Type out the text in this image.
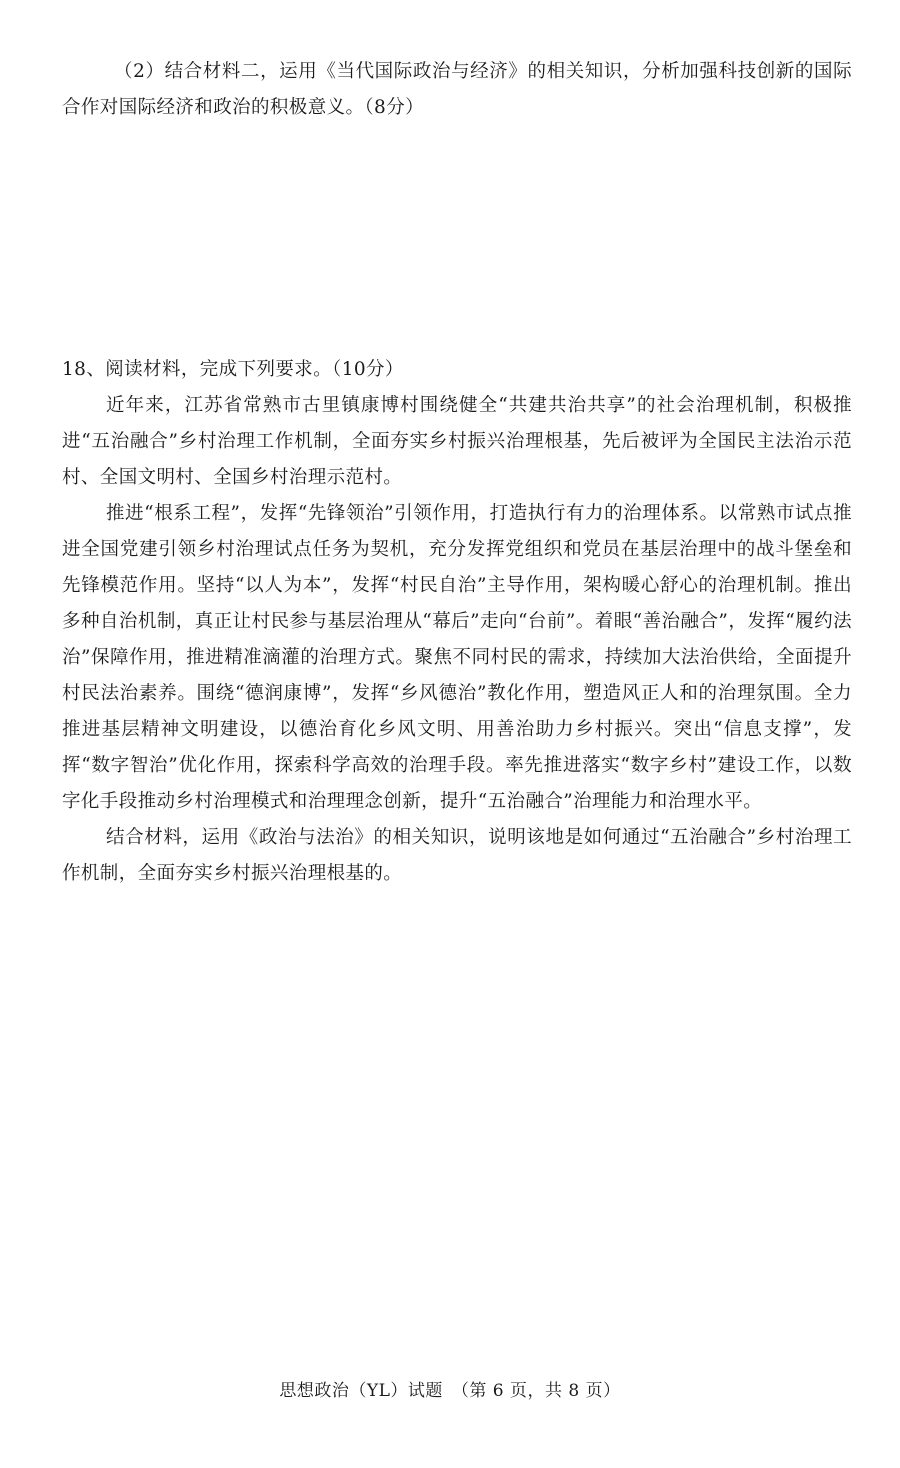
（2）结合材料二，运用《当代国际政治与经济》的相关知识，分析加强科技创新的国际合作对国际经济和政治的积极意义。（8分）
18、阅读材料，完成下列要求。（10分）

近年来，江苏省常熟市古里镇康博村围绕健全“共建共治共享”的社会治理机制，积极推进“五治融合”乡村治理工作机制，全面夯实乡村振兴治理根基，先后被评为全国民主法治示范村、全国文明村、全国乡村治理示范村。

推进“根系工程”，发挥“先锋领治”引领作用，打造执行有力的治理体系。以常熟市试点推进全国党建引领乡村治理试点任务为契机，充分发挥党组织和党员在基层治理中的战斗堡垒和先锋模范作用。坚持“以人为本”，发挥“村民自治”主导作用，架构暖心舒心的治理机制。推出多种自治机制，真正让村民参与基层治理从“幕后”走向“台前”。着眼“善治融合”，发挥“履约法治”保障作用，推进精准滴灌的治理方式。聚焦不同村民的需求，持续加大法治供给，全面提升村民法治素养。围绕“德润康博”，发挥“乡风德治”教化作用，塑造风正人和的治理氛围。全力推进基层精神文明建设，以德治育化乡风文明、用善治助力乡村振兴。突出“信息支撑”，发挥“数字智治”优化作用，探索科学高效的治理手段。率先推进落实“数字乡村”建设工作，以数字化手段推动乡村治理模式和治理理念创新，提升“五治融合”治理能力和治理水平。

结合材料，运用《政治与法治》的相关知识，说明该地是如何通过“五治融合”乡村治理工作机制，全面夯实乡村振兴治理根基的。

思想政治（YL）试题　（第 6 页，共 8 页）
